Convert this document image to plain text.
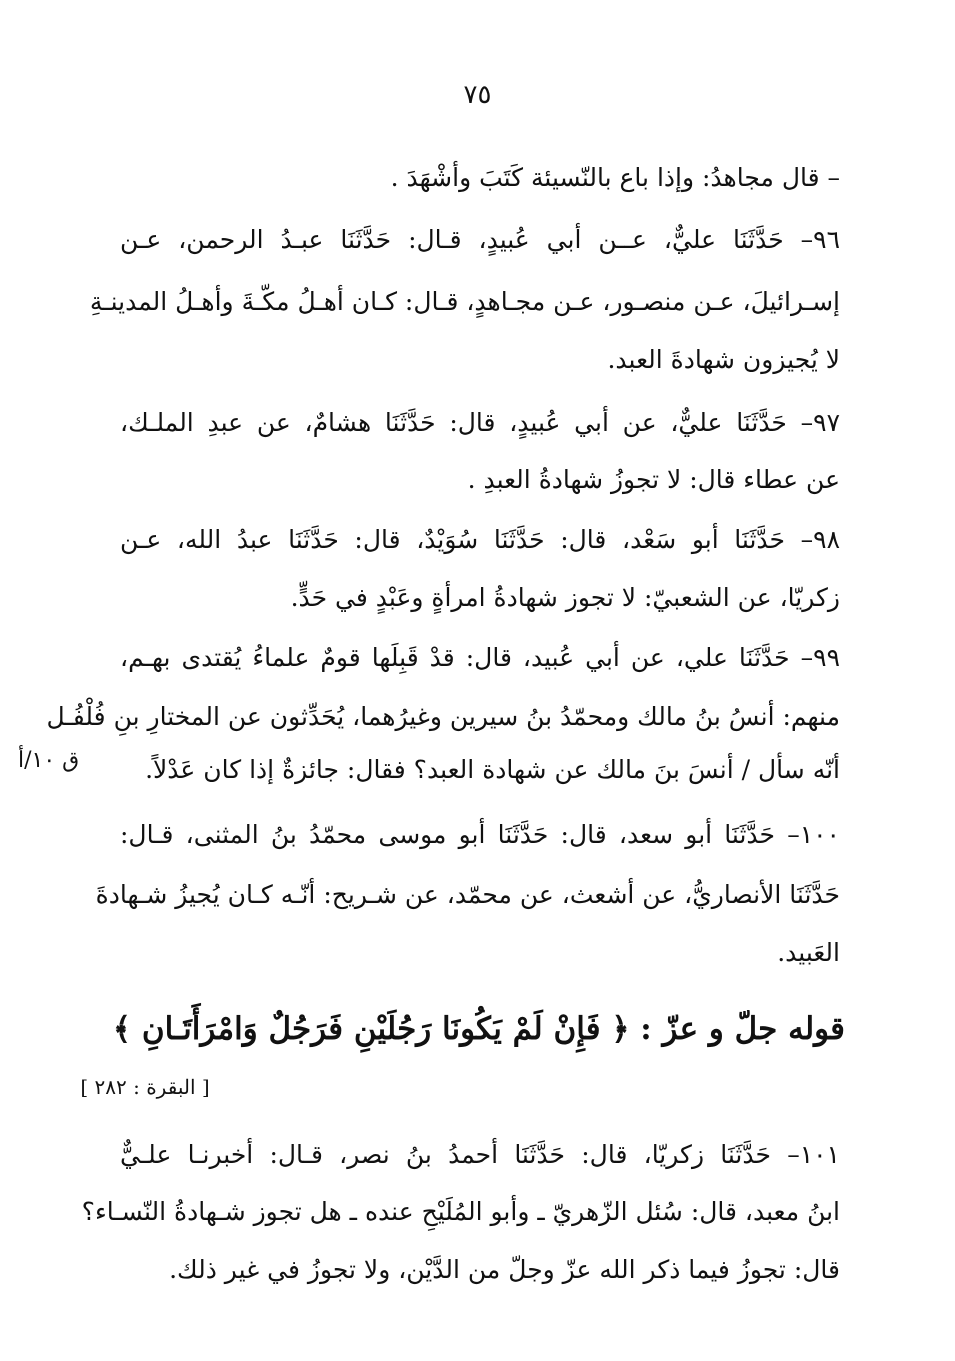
٧٥
– قال مجاهدُ: وإذا باع بالنّسيئة كَتَبَ وأشْهَدَ .
٩٦– حَدَّثَنَا عليٌّ، عــن أبي عُبيدٍ، قـال: حَدَّثَنَا عبـدُ الرحمن، عـن
إسـرائيلَ، عـن منصـور، عـن مجـاهدٍ، قـال: كـان أهـلُ مكّـةَ وأهـلُ المدينـةِ
لا يُجيزون شهادةَ العبد.
٩٧– حَدَّثَنَا عليٌّ، عن أبي عُبيدٍ، قال: حَدَّثَنَا هشامٌ، عن عبدِ الملـك،
عن عطاء قال: لا تجوزُ شهادةُ العبدِ .
٩٨– حَدَّثَنَا أبو سَعْد، قال: حَدَّثَنَا سُوَيْدٌ، قال: حَدَّثَنَا عبدُ الله، عـن
زكريّا، عن الشعبيّ: لا تجوز شهادةُ امرأةٍ وعَبْدٍ في حَدٍّ.
٩٩– حَدَّثَنَا علي، عن أبي عُبيد، قال: قدْ قَبِلَها قومٌ علماءُ يُقتدى بهـم،
منهم: أنسُ بنُ مالك ومحمّدُ بنُ سيرين وغيرُهما، يُحَدِّثون عن المختارِ بنِ فُلْفُـل
أنّه سأل / أنسَ بنَ مالك عن شهادة العبد؟ فقال: جائزةٌ إذا كان عَدْلاً.
١٠٠– حَدَّثَنَا أبو سعد، قال: حَدَّثَنَا أبو موسى محمّدُ بنُ المثنى، قـال:
حَدَّثَنَا الأنصاريُّ، عن أشعث، عن محمّد، عن شـريح: أنّـه كـان يُجيزُ شـهادةَ
العَبيد.
ق ١٠/أ
قوله جلّ و عزّ : ﴿ فَإِنْ لَمْ يَكُونَا رَجُلَيْنِ فَرَجُلٌ وَامْرَأَتَـانِ ﴾
[ البقرة : ٢٨٢ ]
١٠١– حَدَّثَنَا زكريّا، قال: حَدَّثَنَا أحمدُ بنُ نصر، قـال: أخبرنـا علـيٌّ
ابنُ معبد، قال: سُئل الزّهريّ ـ وأبو المُلَيْحِ عنده ـ هل تجوز شـهادةُ النّسـاء؟
قال: تجوزُ فيما ذكر الله عزّ وجلّ من الدَّيْن، ولا تجوزُ في غير ذلك.
